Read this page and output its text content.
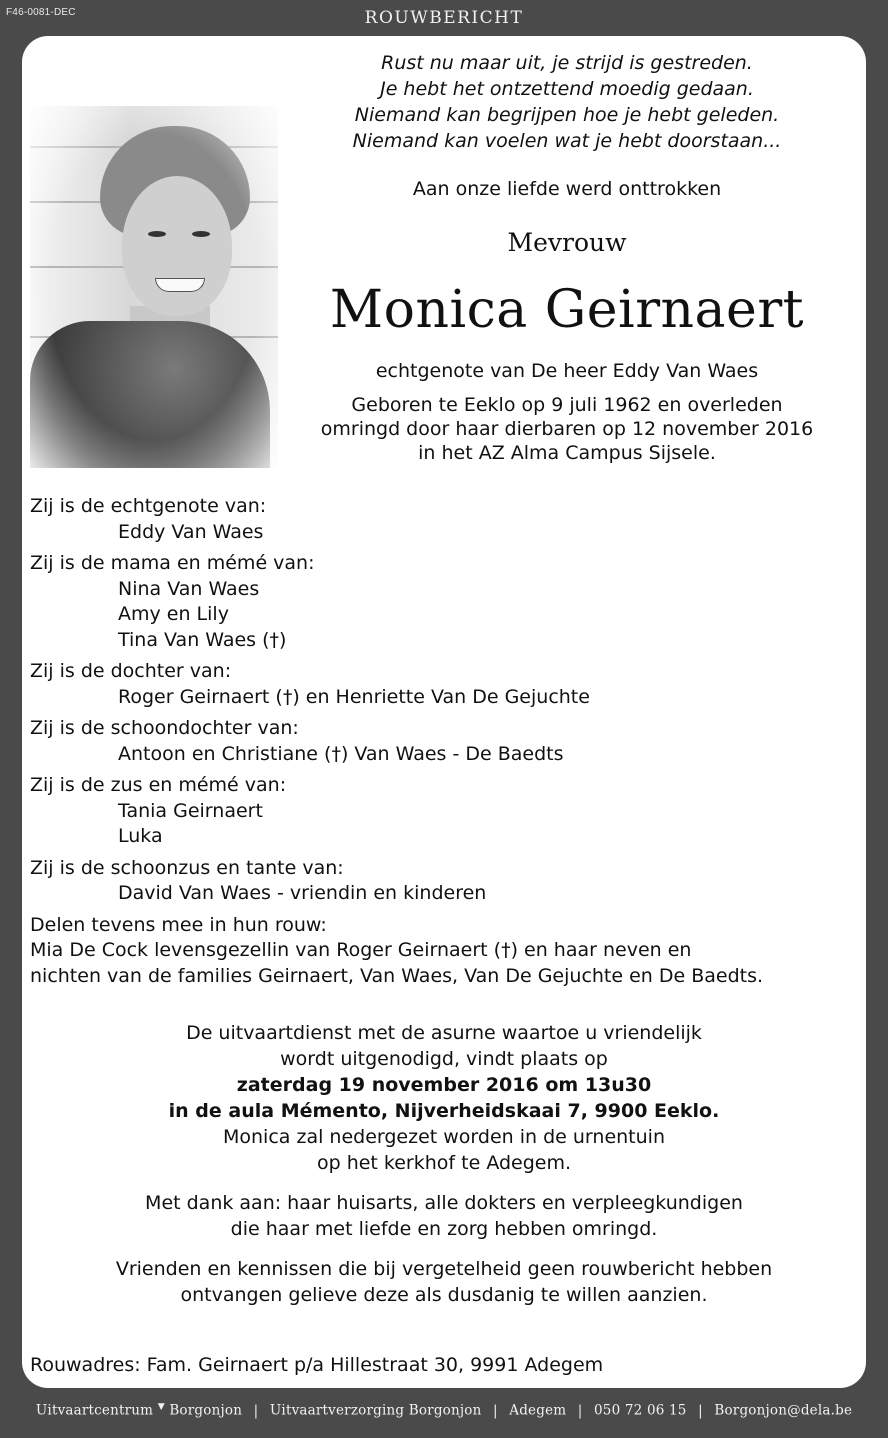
F46-0081-DEC	ROUWBERICHT
Rust nu maar uit, je strijd is gestreden.
Je hebt het ontzettend moedig gedaan.
Niemand kan begrijpen hoe je hebt geleden.
Niemand kan voelen wat je hebt doorstaan...
Aan onze liefde werd onttrokken
Mevrouw
Monica Geirnaert
echtgenote van De heer Eddy Van Waes
Geboren te Eeklo op 9 juli 1962 en overleden
omringd door haar dierbaren op 12 november 2016
in het AZ Alma Campus Sijsele.
Zij is de echtgenote van:
Eddy Van Waes
Zij is de mama en mémé van:
Nina Van Waes
Amy en Lily
Tina Van Waes (†)
Zij is de dochter van:
Roger Geirnaert (†) en Henriette Van De Gejuchte
Zij is de schoondochter van:
Antoon en Christiane (†) Van Waes - De Baedts
Zij is de zus en mémé van:
Tania Geirnaert
Luka
Zij is de schoonzus en tante van:
David Van Waes - vriendin en kinderen
Delen tevens mee in hun rouw:
Mia De Cock levensgezellin van Roger Geirnaert (†) en haar neven en
nichten van de families Geirnaert, Van Waes, Van De Gejuchte en De Baedts.
De uitvaartdienst met de asurne waartoe u vriendelijk
wordt uitgenodigd, vindt plaats op
zaterdag 19 november 2016 om 13u30
in de aula Mémento, Nijverheidskaai 7, 9900 Eeklo.
Monica zal nedergezet worden in de urnentuin
op het kerkhof te Adegem.
Met dank aan: haar huisarts, alle dokters en verpleegkundigen
die haar met liefde en zorg hebben omringd.
Vrienden en kennissen die bij vergetelheid geen rouwbericht hebben
ontvangen gelieve deze als dusdanig te willen aanzien.
Rouwadres: Fam. Geirnaert p/a Hillestraat 30, 9991 Adegem
Uitvaartcentrum ▼ Borgonjon | Uitvaartverzorging Borgonjon | Adegem | 050 72 06 15 | Borgonjon@dela.be
